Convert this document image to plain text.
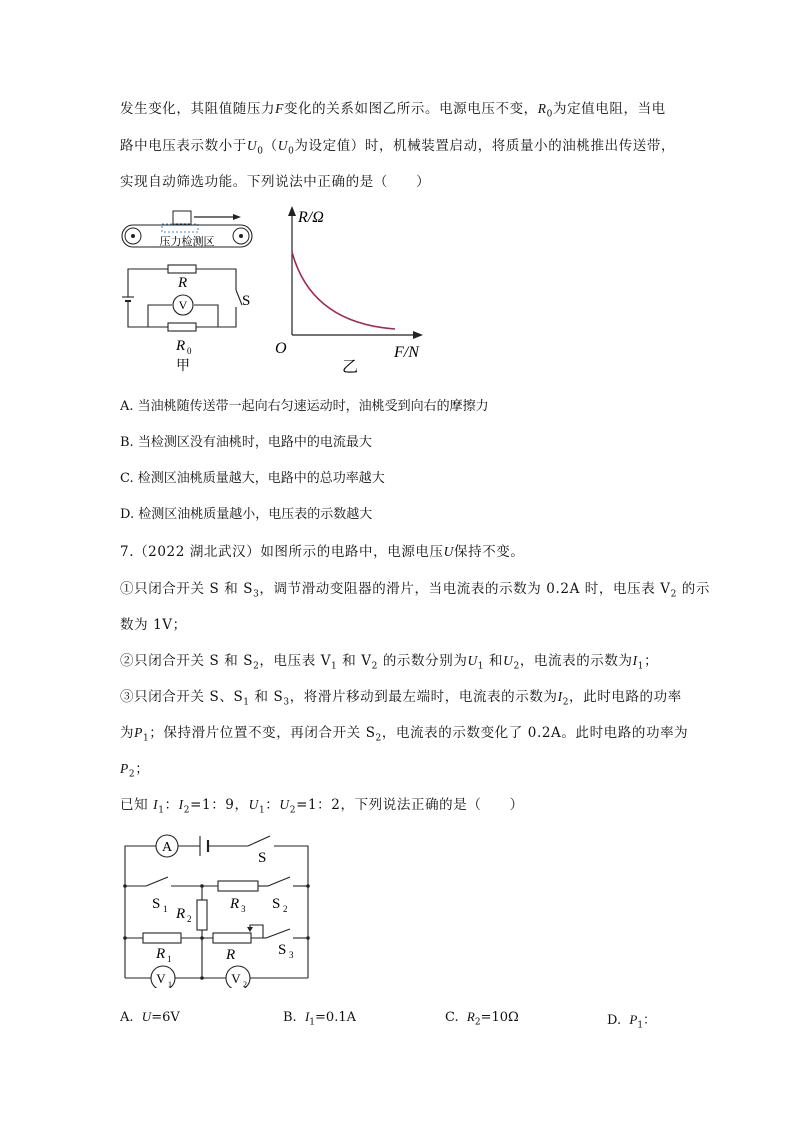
发生变化，其阻值随压力F变化的关系如图乙所示。电源电压不变，$R_0$为定值电阻，当电
路中电压表示数小于$U_0(U_0$为设定值）时，机械装置启动，将质量小的油桃推出传送带，
实现自动筛选功能。下列说法中正确的是（　　）
压力检测区
V
R
S
R 0
甲
R/Ω
F/N
O
乙
A. 当油桃随传送带一起向右匀速运动时，油桃受到向右的摩擦力
B. 当检测区没有油桃时，电路中的电流最大
C. 检测区油桃质量越大，电路中的总功率越大
D. 检测区油桃质量越小，电压表的示数越大
7.（2022 湖北武汉）如图所示的电路中，电源电压U保持不变。
①只闭合开关 S 和 $S_3$，调节滑动变阻器的滑片，当电流表的示数为 0.2A 时，电压表 $V_2$ 的示
数为 1V；
②只闭合开关 S 和 $S_2$，电压表 $V_1$ 和 $V_2$ 的示数分别为$U_1$ 和$U_2$，电流表的示数为$I_1$；
③只闭合开关 S、$S_1$ 和 $S_3$，将滑片移动到最左端时，电流表的示数为$I_2$，此时电路的功率
为$P_1$；保持滑片位置不变，再闭合开关 $S_2$，电流表的示数变化了 0.2A。此时电路的功率为
$P_2$；
已知 $I_1$：$I_2=1$：9，$U_1$：$U_2=1$：2，下列说法正确的是（　　）
A
S
S 1 R 2
R 3 S 2
R 1	R	S 3
V 1	V 2
A. U=6V	B. $I_1=0.1A$	C. $R_2=10\Omega$	D. $P_1$：
